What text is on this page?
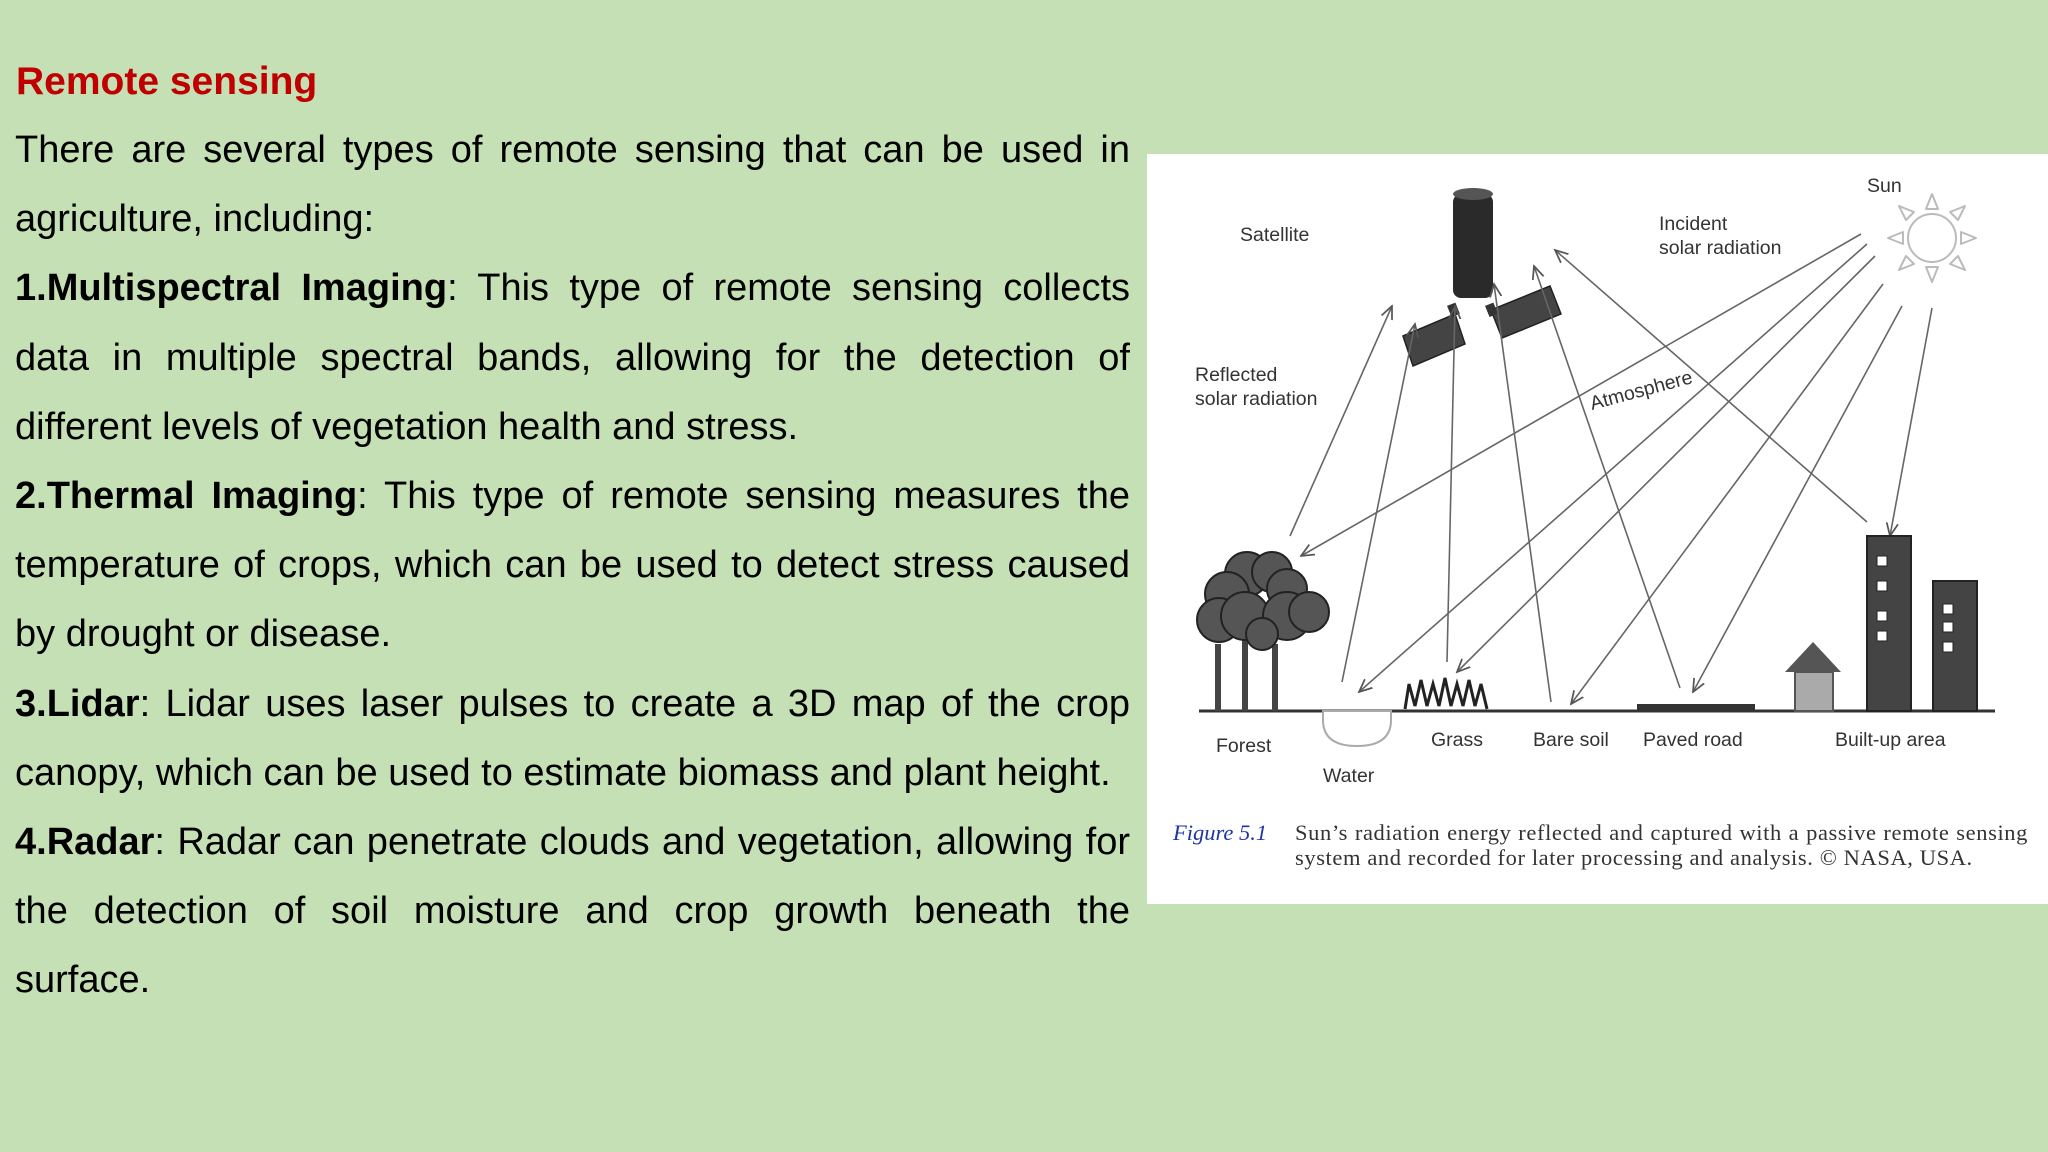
Remote sensing

There are several types of remote sensing that can be used in agriculture, including:

1.Multispectral Imaging: This type of remote sensing collects data in multiple spectral bands, allowing for the detection of different levels of vegetation health and stress.

2.Thermal Imaging: This type of remote sensing measures the temperature of crops, which can be used to detect stress caused by drought or disease.

3.Lidar: Lidar uses laser pulses to create a 3D map of the crop canopy, which can be used to estimate biomass and plant height.

4.Radar: Radar can penetrate clouds and vegetation, allowing for the detection of soil moisture and crop growth beneath the surface.

Sun
Satellite	Incident
solar radiation
Reflected
solar radiation	Atmosphere
Forest
Water
Grass	Bare soil Paved road	Built-up area
Figure 5.1 Sun’s radiation energy reflected and captured with a passive remote sensing system and recorded for later processing and analysis. © NASA, USA.
